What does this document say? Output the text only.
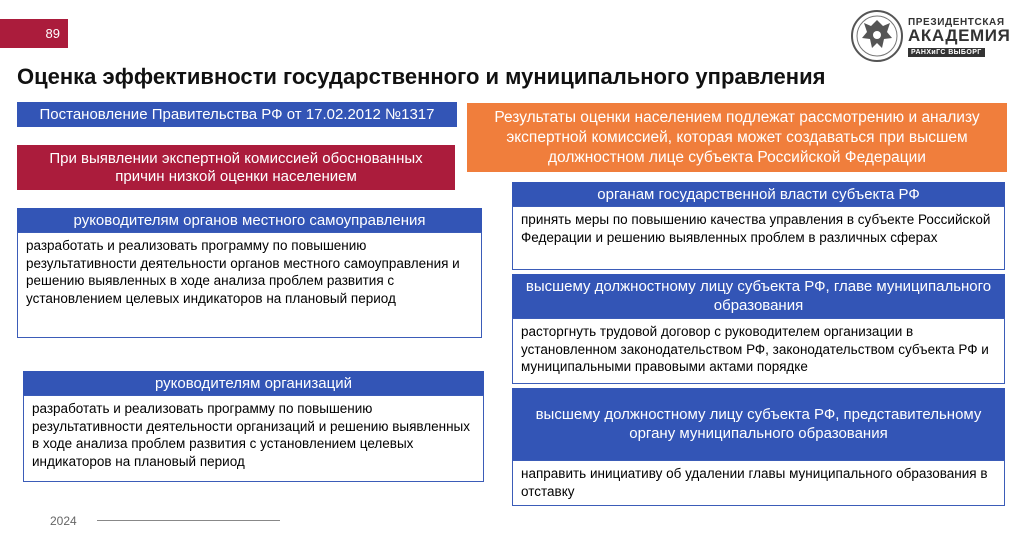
89
ПРЕЗИДЕНТСКАЯ
АКАДЕМИЯ
РАНХиГС ВЫБОРГ
Оценка эффективности государственного и муниципального управления
Постановление Правительства РФ от 17.02.2012 №1317
При выявлении экспертной комиссией обоснованных причин низкой оценки населением
руководителям органов местного самоуправления
разработать и реализовать программу по повышению результативности деятельности органов местного самоуправления и решению выявленных в ходе анализа проблем развития с установлением целевых индикаторов на плановый период
руководителям организаций
разработать и реализовать программу по повышению результативности деятельности организаций и решению выявленных в ходе анализа проблем развития с установлением целевых индикаторов на плановый период
Результаты оценки населением подлежат рассмотрению и анализу экспертной комиссией, которая может создаваться при высшем должностном лице субъекта Российской Федерации
органам государственной власти субъекта РФ
принять меры по повышению качества управления в субъекте Российской Федерации и решению выявленных проблем в различных сферах
высшему должностному лицу субъекта РФ, главе муниципального образования
расторгнуть трудовой договор с руководителем организации в установленном законодательством РФ, законодательством субъекта РФ и муниципальными правовыми актами порядке
высшему должностному лицу субъекта РФ, представительному органу муниципального образования
направить инициативу об удалении главы муниципального образования в отставку
2024
